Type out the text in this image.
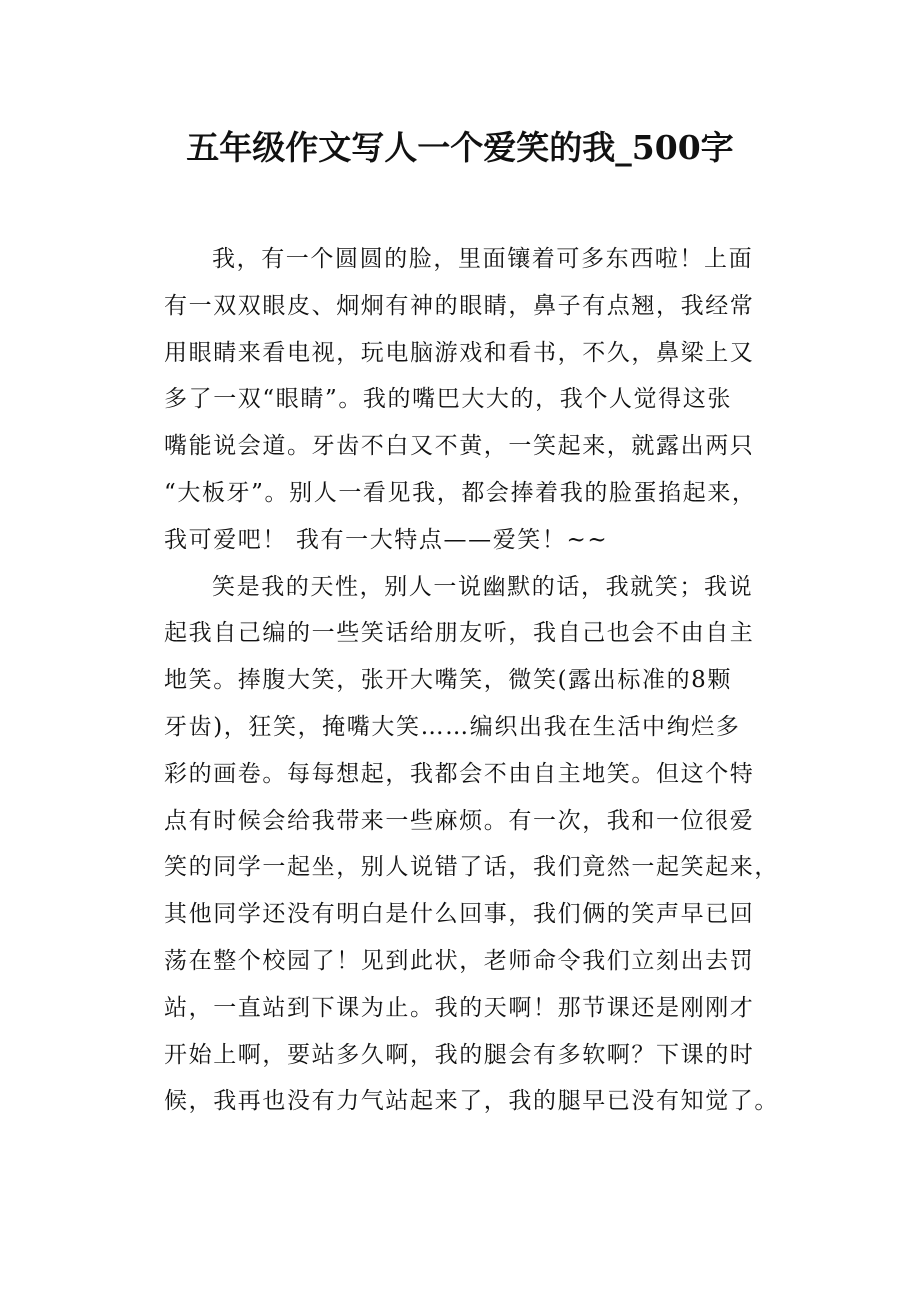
五年级作文写人一个爱笑的我_500字
我，有一个圆圆的脸，里面镶着可多东西啦！上面
有一双双眼皮、炯炯有神的眼睛，鼻子有点翘，我经常
用眼睛来看电视，玩电脑游戏和看书，不久，鼻梁上又
多了一双“眼睛”。我的嘴巴大大的，我个人觉得这张
嘴能说会道。牙齿不白又不黄，一笑起来，就露出两只
“大板牙”。别人一看见我，都会捧着我的脸蛋掐起来，
我可爱吧！ 我有一大特点——爱笑！~~
笑是我的天性，别人一说幽默的话，我就笑；我说
起我自己编的一些笑话给朋友听，我自己也会不由自主
地笑。捧腹大笑，张开大嘴笑，微笑(露出标准的8颗
牙齿)，狂笑，掩嘴大笑……编织出我在生活中绚烂多
彩的画卷。每每想起，我都会不由自主地笑。但这个特
点有时候会给我带来一些麻烦。有一次，我和一位很爱
笑的同学一起坐，别人说错了话，我们竟然一起笑起来，
其他同学还没有明白是什么回事，我们俩的笑声早已回
荡在整个校园了！见到此状，老师命令我们立刻出去罚
站，一直站到下课为止。我的天啊！那节课还是刚刚才
开始上啊，要站多久啊，我的腿会有多软啊？下课的时
候，我再也没有力气站起来了，我的腿早已没有知觉了。
